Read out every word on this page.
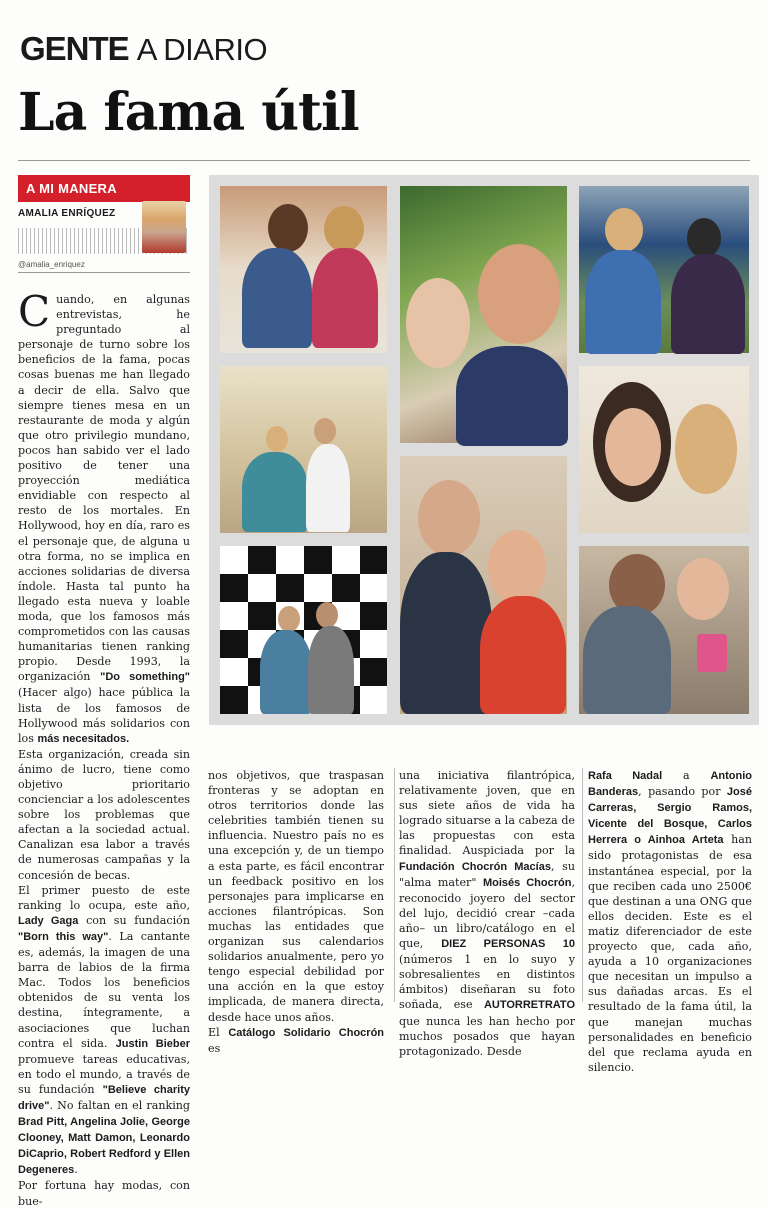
GENTE A DIARIO
La fama útil
A MI MANERA
AMALIA ENRÍQUEZ
@amalia_enriquez

Cuando, en algunas entrevistas, he preguntado al personaje de turno sobre los beneficios de la fama, pocas cosas buenas me han llegado a decir de ella. Salvo que siempre tienes mesa en un restaurante de moda y algún que otro privilegio mundano, pocos han sabido ver el lado positivo de tener una proyección mediática envidiable con respecto al resto de los mortales. En Hollywood, hoy en día, raro es el personaje que, de alguna u otra forma, no se implica en acciones solidarias de diversa índole. Hasta tal punto ha llegado esta nueva y loable moda, que los famosos más comprometidos con las causas humanitarias tienen ranking propio. Desde 1993, la organización "Do something" (Hacer algo) hace pública la lista de los famosos de Hollywood más solidarios con los más necesitados.

Esta organización, creada sin ánimo de lucro, tiene como objetivo prioritario concienciar a los adolescentes sobre los problemas que afectan a la sociedad actual. Canalizan esa labor a través de numerosas campañas y la concesión de becas.

El primer puesto de este ranking lo ocupa, este año, Lady Gaga con su fundación "Born this way". La cantante es, además, la imagen de una barra de labios de la firma Mac. Todos los beneficios obtenidos de su venta los destina, íntegramente, a asociaciones que luchan contra el sida. Justin Bieber promueve tareas educativas, en todo el mundo, a través de su fundación "Believe charity drive". No faltan en el ranking Brad Pitt, Angelina Jolie, George Clooney, Matt Damon, Leonardo DiCaprio, Robert Redford y Ellen Degeneres.

Por fortuna hay modas, con bue-

nos objetivos, que traspasan fronteras y se adoptan en otros territorios donde las celebrities también tienen su influencia. Nuestro país no es una excepción y, de un tiempo a esta parte, es fácil encontrar un feedback positivo en los personajes para implicarse en acciones filantrópicas. Son muchas las entidades que organizan sus calendarios solidarios anualmente, pero yo tengo especial debilidad por una acción en la que estoy implicada, de manera directa, desde hace unos años.

El Catálogo Solidario Chocrón es

una iniciativa filantrópica, relativamente joven, que en sus siete años de vida ha logrado situarse a la cabeza de las propuestas con esta finalidad. Auspiciada por la Fundación Chocrón Macías, su "alma mater" Moisés Chocrón, reconocido joyero del sector del lujo, decidió crear –cada año– un libro/catálogo en el que, DIEZ PERSONAS 10 (números 1 en lo suyo y sobresalientes en distintos ámbitos) diseñaran su foto soñada, ese AUTORRETRATO que nunca les han hecho por muchos posados que hayan protagonizado. Desde

Rafa Nadal a Antonio Banderas, pasando por José Carreras, Sergio Ramos, Vicente del Bosque, Carlos Herrera o Ainhoa Arteta han sido protagonistas de esa instantánea especial, por la que reciben cada uno 2500€ que destinan a una ONG que ellos deciden. Este es el matiz diferenciador de este proyecto que, cada año, ayuda a 10 organizaciones que necesitan un impulso a sus dañadas arcas. Es el resultado de la fama útil, la que manejan muchas personalidades en beneficio del que reclama ayuda en silencio.
